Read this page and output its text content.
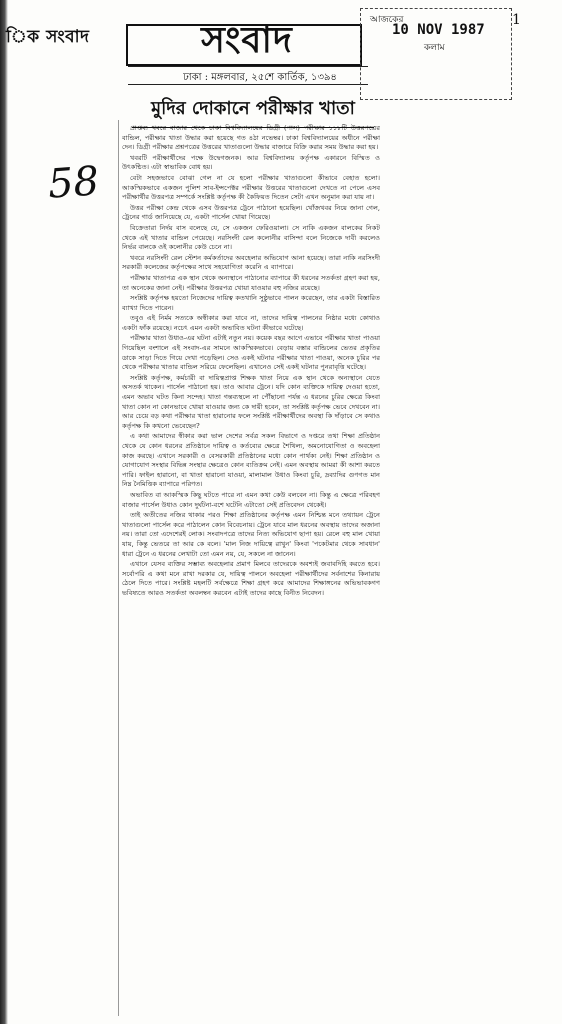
িক সংবাদ	সংবাদ
ঢাকা : মঙ্গলবার, ২৫শে কার্তিক, ১৩৯৪
আজকের
10 NOV 1987
কলাম
1
58
মুদির দোকানে পরীক্ষার খাতা

প্রাপ্তব্য খবরে বাজার থেকে ঢাকা বিশ্ববিদ্যালয়ের ডিগ্রী (পাস) পরীক্ষার ১১৮টি উত্তরপত্রের বান্ডিল, পরীক্ষার খাতা উদ্ধার করা হয়েছে গত ৪ঠা নভেম্বর। ঢাকা বিশ্ববিদ্যালয়ের অধীনে পরীক্ষা দেন। ডিগ্রী পরীক্ষার প্রশ্নপত্রের উত্তরের খাতাগুলো উদ্ধার বাজারে বিক্রি করার সময় উদ্ধার করা হয়।

খবরটি পরীক্ষার্থীদের পক্ষে উদ্বেগজনক। আর বিশ্ববিদ্যালয় কর্তৃপক্ষ একারনে বিস্মিত ও উৎকণ্ঠিত। এটা স্বাভাবিক বোধ হয়।

বেটা সহজভাবে বোঝা গেল না যে হলো পরীক্ষার খাতাগুলো কীভাবে বেহাত হলো। আকস্মিকভাবে একজন পুলিশ সাব-ইন্সপেক্টর পরীক্ষার উত্তরের খাতাগুলো দেখতে না পেলে এসব পরীক্ষার্থীর উত্তরপত্র সম্পর্কে সংশ্লিষ্ট কর্তৃপক্ষ কী কৈফিয়ত দিতেন সেটা এখন অনুমান করা যায় না।

উত্তর পরীক্ষা কেন্দ্র থেকে এসব উত্তরপত্র ট্রেনে পাঠানো হয়েছিল। খোঁজখবর নিয়ে জানা গেল, ট্রেনের গার্ড জানিয়েছে যে, একটা পার্সেল খোয়া গিয়েছে।

বিক্রেতারা নির্দয় বাস বলেছে যে, সে একজন ফেরিওয়ালা। সে নাকি একজন বালকের নিকট থেকে এই খাতার বান্ডিল পেয়েছে। নরসিংদী রেল কলোনীর বাসিন্দা বলে নিজেকে দাবী করলেও নির্ভর বালকে ওই কলোনীর কেউ চেনে না।

খবরে নরসিংদী রেল স্টেশন কর্মকর্তাদের অবহেলার অভিযোগ আনা হয়েছে। তারা নাকি নরসিংদী সরকারী কলেজের কর্তৃপক্ষের সাথে সহযোগিতা করেনি এ ব্যাপারে।

পরীক্ষার খাতাপত্র এক স্থান থেকে অন্যস্থানে পাঠানোর ব্যাপারে কী ধরনের সতর্কতা গ্রহণ করা হয়, তা অনেকের জানা নেই। পরীক্ষার উত্তরপত্র খোয়া যাওয়ার বহু নজির রয়েছে।

সংশ্লিষ্ট কর্তৃপক্ষ হয়তো নিজেদের দায়িত্ব কতখানি সুষ্ঠুভাবে পালন করেছেন, তার একটা বিস্তারিত ব্যাখ্যা দিতে পারেন।

তবুও এই নির্মম সত্যকে অস্বীকার করা যাবে না, তাদের দায়িত্ব পালনের নিষ্ঠার মধ্যে কোথাও একটা ফাঁক রয়েছে। নচেৎ এমন একটা অভাবিত ঘটনা কীভাবে ঘটেছে।

পরীক্ষার খাতা উধাও-এর ঘটনা এটাই নতুন নয়। কয়েক বছর আগে এভাবে পরীক্ষার খাতা পাওয়া গিয়েছিল বংশালে এই সংবাদ-এর সামনে আকস্মিকভাবে। বেড়ায় বস্তার বান্ডিলের ভেতর প্রকৃতির ডাকে সাড়া দিতে গিয়ে দেখা পড়েছিল। সেও একই ঘটনার পরীক্ষার খাতা পাওয়া, অনেক চুরির পর থেকে পরীক্ষার খাতার বান্ডিল সরিয়ে ফেলেছিল। এখানেও সেই একই ঘটনার পুনরাবৃত্তি ঘটেছে।

সংশ্লিষ্ট কর্তৃপক্ষ, কর্মচারী বা দায়িত্বপ্রাপ্ত শিক্ষক খাতা নিয়ে এক স্থান থেকে অন্যস্থানে যেতে অসতর্ক থাকেন। পার্সেল পাঠানো হয়। তাও আবার ট্রেনে। যদি কোন ব্যক্তিকে দায়িত্ব দেওয়া হতো, এমন অভাব ঘটত কিনা সন্দেহ। খাতা গন্তব্যস্থলে না পৌঁছানো পর্যন্ত এ ধরনের চুরির ক্ষেত্রে কিংবা খাতা কোন না কোনভাবে খোয়া যাওয়ার জন্য কে দায়ী হবেন, তা সংশ্লিষ্ট কর্তৃপক্ষ ভেবে দেখবেন না। আর চেয়ে বড় কথা পরীক্ষার খাতা হারানোর ফলে সংশ্লিষ্ট পরীক্ষার্থীদের অবস্থা কি দাঁড়াবে সে কথাও কর্তৃপক্ষ কি কখনো ভেবেছেন?

এ কথা আমাদের স্বীকার করা ভাল দেশের সর্বত্র সকল বিভাগে ও দপ্তরে তথা শিক্ষা প্রতিষ্ঠান থেকে যে কোন ধরনের প্রতিষ্ঠানে দায়িত্ব ও কর্তব্যের ক্ষেত্রে শৈথিল্য, অমনোযোগিতা ও অবহেলা কাজ করছে। এখানে সরকারী ও বেসরকারী প্রতিষ্ঠানের মধ্যে কোন পার্থক্য নেই। শিক্ষা প্রতিষ্ঠান ও যোগাযোগ সংস্থার বিভিন্ন সংস্থার ক্ষেত্রেও কোন ব্যতিক্রম নেই। এমন অবস্থায় আমরা কী আশা করতে পারি। ফাইল হারানো, বা খাতা হারানো যাওয়া, মালামাল উধাও কিংবা চুরি, দ্রব্যাদির গুণগত মান নিম্ন নৈমিত্তিক ব্যাপারে পরিণত।

অভাবিত বা আকস্মিক কিছু ঘটতে পারে না এমন কথা কেউ বলবেন না। কিন্তু এ ক্ষেত্রে পরিবহণ বাজার পার্সেল উধাও কোন দুর্ঘটনা-বশে ঘটেনি এটাতো সেই প্রতিবেদন থেকেই।

তাই অতীতের নজির থাকার পরও শিক্ষা প্রতিষ্ঠানের কর্তৃপক্ষ এমন নিশ্চিন্ত মনে তথ্যায়ন ট্রেনে খাতাগুলো পার্সেল করে পাঠালেন কোন বিবেচনায়। ট্রেনে যাবে মাল ধরনের অবস্থায় তাদের অজানা নয়। তারা তো এদেশেরই লোক। সংবাদপত্রে তাদের নিত্য অভিযোগ ছাপা হয়। রেলে বহু মাল খোয়া যায়, কিন্তু ভেতরে তা আর কে বলে। 'মাল নিজ দায়িত্বে রাখুন' কিংবা 'পকেটমার থেকে সাবধান' ধারা ট্রেনে এ ধরনের লেখাটা তো এমন নয়, যে, সকলে না জানেন।

এখানে যেসব ব্যক্তির সম্ভাব্য অবহেলার প্রমাণ মিলবে তাদেরকে অবশ্যই জবাবদিহি করতে হবে। সর্বোপরি এ কথা মনে রাখা দরকার যে, দায়িত্ব পালনে অবহেলা পরীক্ষার্থীদের সর্বনাশের কিনারায় ঠেলে দিতে পারে। সংশ্লিষ্ট মহলটি সর্বক্ষেত্রে শিক্ষা গ্রহণ করে আমাদের শিক্ষাঙ্গনের অভিভাবকগণ ভবিষ্যতে আরও সতর্কতা অবলম্বন করবেন এটাই তাদের কাছে বিনীত নিবেদন।
